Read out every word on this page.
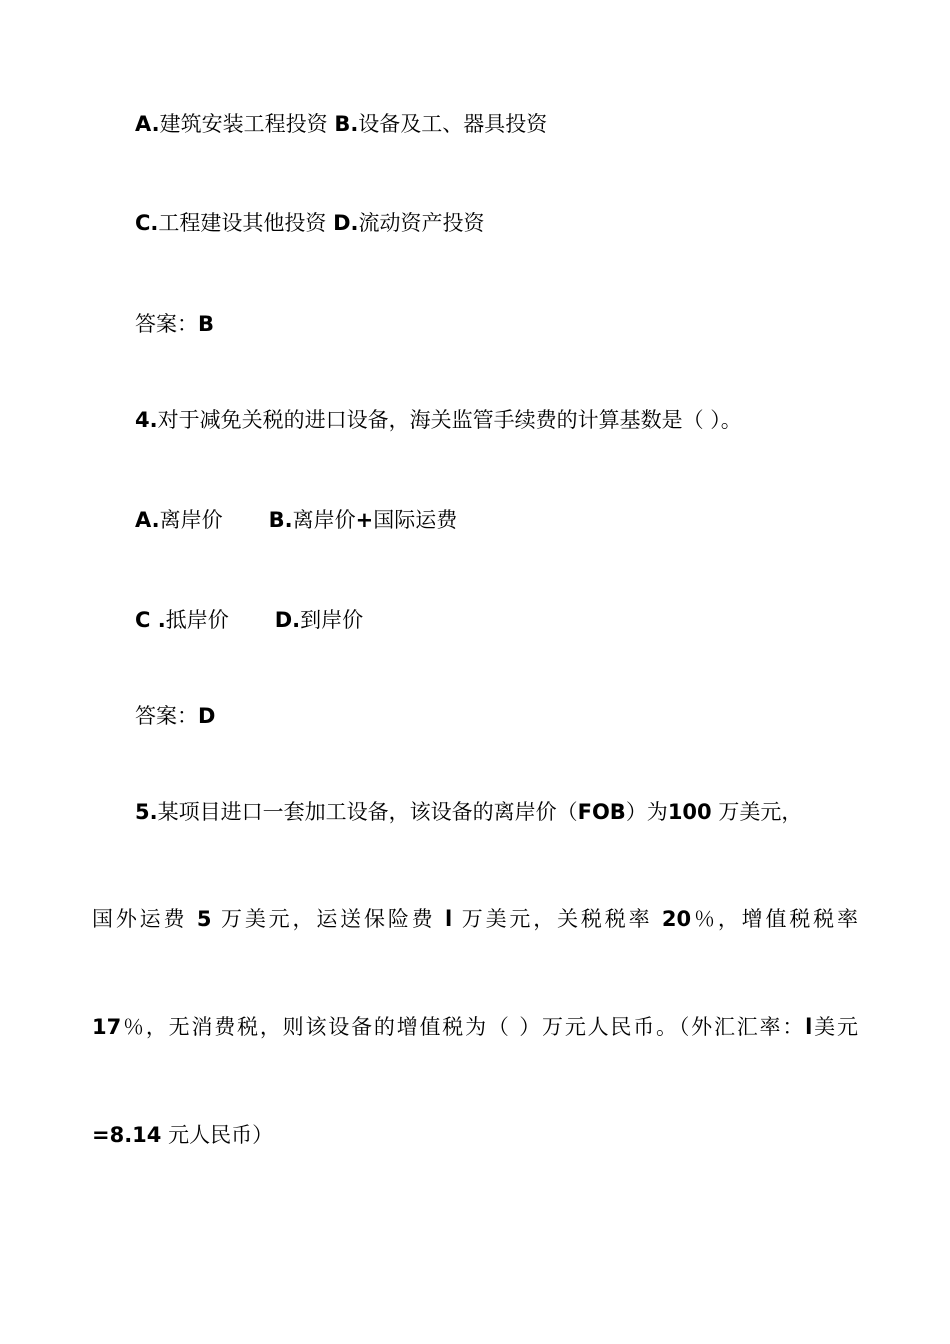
A.建筑安装工程投资 B.设备及工、器具投资
C.工程建设其他投资 D.流动资产投资
答案：B
4.对于减免关税的进口设备，海关监管手续费的计算基数是（ ）。
A.离岸价 B.离岸价+国际运费
C .抵岸价 D.到岸价
答案：D
5.某项目进口一套加工设备，该设备的离岸价（FOB）为100 万美元，
国外运费 5 万美元，运送保险费 l 万美元，关税税率 20％，增值税税率
17％，无消费税，则该设备的增值税为（ ）万元人民币。（外汇汇率：l美元
=8.14 元人民币）
